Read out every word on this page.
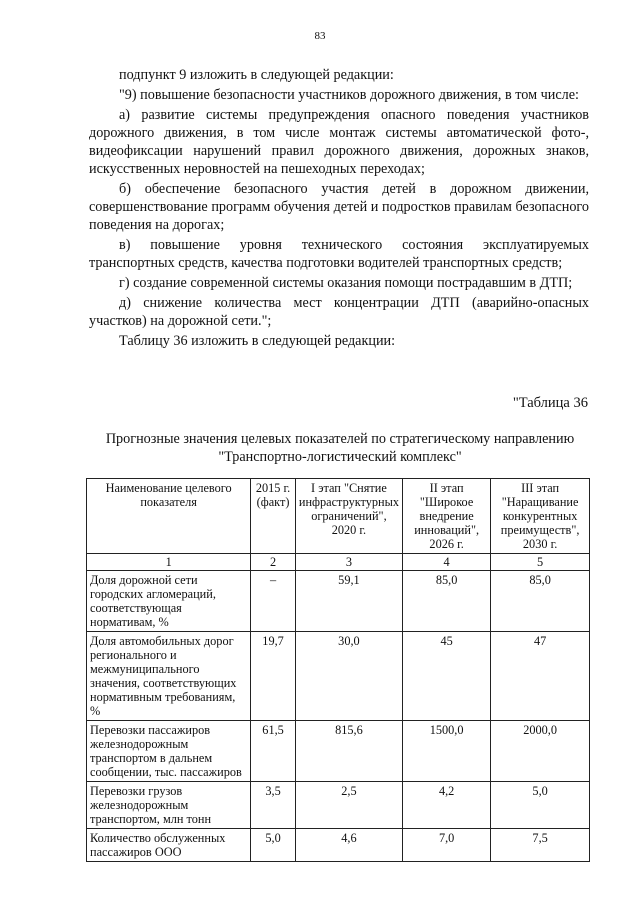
83

подпункт 9 изложить в следующей редакции:

"9) повышение безопасности участников дорожного движения, в том числе:

а) развитие системы предупреждения опасного поведения участников дорожного движения, в том числе монтаж системы автоматической фото-, видеофиксации нарушений правил дорожного движения, дорожных знаков, искусственных неровностей на пешеходных переходах;

б) обеспечение безопасного участия детей в дорожном движении, совершенствование программ обучения детей и подростков правилам безопасного поведения на дорогах;

в) повышение уровня технического состояния эксплуатируемых транспортных средств, качества подготовки водителей транспортных средств;

г) создание современной системы оказания помощи пострадавшим в ДТП;

д) снижение количества мест концентрации ДТП (аварийно-опасных участков) на дорожной сети.";

Таблицу 36 изложить в следующей редакции:

"Таблица 36
Прогнозные значения целевых показателей по стратегическому направлению "Транспортно-логистический комплекс"
Наименование целевого показателя	2015 г. (факт)	I этап "Снятие инфраструктурных ограничений", 2020 г.	II этап "Широкое внедрение инноваций", 2026 г.	III этап "Наращивание конкурентных преимуществ", 2030 г.
1	2	3	4	5
Доля дорожной сети городских агломераций, соответствующая нормативам, %	–	59,1	85,0	85,0
Доля автомобильных дорог регионального и межмуниципального значения, соответствующих нормативным требованиям, %	19,7	30,0	45	47
Перевозки пассажиров железнодорожным транспортом в дальнем сообщении, тыс. пассажиров	61,5	815,6	1500,0	2000,0
Перевозки грузов железнодорожным транспортом, млн тонн	3,5	2,5	4,2	5,0
Количество обслуженных пассажиров ООО	5,0	4,6	7,0	7,5
